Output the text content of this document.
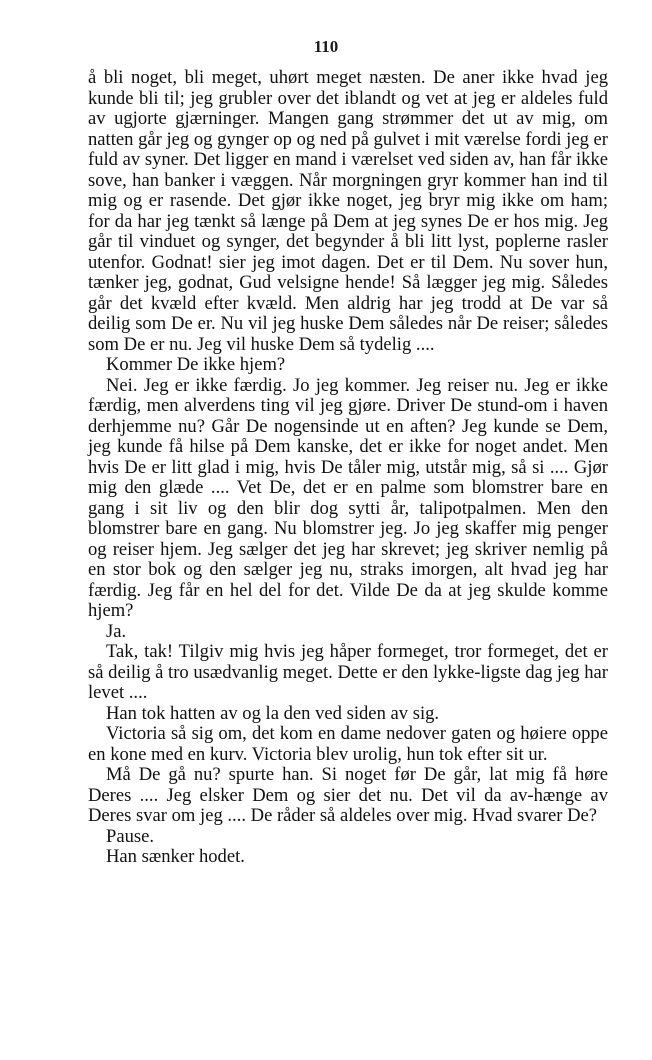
110

å bli noget, bli meget, uhørt meget næsten. De aner ikke hvad jeg kunde bli til; jeg grubler over det iblandt og vet at jeg er aldeles fuld av ugjorte gjærninger. Mangen gang strømmer det ut av mig, om natten går jeg og gynger op og ned på gulvet i mit værelse fordi jeg er fuld av syner. Det ligger en mand i værelset ved siden av, han får ikke sove, han banker i væggen. Når morgningen gryr kommer han ind til mig og er rasende. Det gjør ikke noget, jeg bryr mig ikke om ham; for da har jeg tænkt så længe på Dem at jeg synes De er hos mig. Jeg går til vinduet og synger, det begynder å bli litt lyst, poplerne rasler utenfor. Godnat! sier jeg imot dagen. Det er til Dem. Nu sover hun, tænker jeg, godnat, Gud velsigne hende! Så lægger jeg mig. Således går det kvæld efter kvæld. Men aldrig har jeg trodd at De var så deilig som De er. Nu vil jeg huske Dem således når De reiser; således som De er nu. Jeg vil huske Dem så tydelig ....

Kommer De ikke hjem?

Nei. Jeg er ikke færdig. Jo jeg kommer. Jeg reiser nu. Jeg er ikke færdig, men alverdens ting vil jeg gjøre. Driver De stund-om i haven derhjemme nu? Går De nogensinde ut en aften? Jeg kunde se Dem, jeg kunde få hilse på Dem kanske, det er ikke for noget andet. Men hvis De er litt glad i mig, hvis De tåler mig, utstår mig, så si .... Gjør mig den glæde .... Vet De, det er en palme som blomstrer bare en gang i sit liv og den blir dog sytti år, talipotpalmen. Men den blomstrer bare en gang. Nu blomstrer jeg. Jo jeg skaffer mig penger og reiser hjem. Jeg sælger det jeg har skrevet; jeg skriver nemlig på en stor bok og den sælger jeg nu, straks imorgen, alt hvad jeg har færdig. Jeg får en hel del for det. Vilde De da at jeg skulde komme hjem?

Ja.

Tak, tak! Tilgiv mig hvis jeg håper formeget, tror formeget, det er så deilig å tro usædvanlig meget. Dette er den lykke-ligste dag jeg har levet ....

Han tok hatten av og la den ved siden av sig.

Victoria så sig om, det kom en dame nedover gaten og høiere oppe en kone med en kurv. Victoria blev urolig, hun tok efter sit ur.

Må De gå nu? spurte han. Si noget før De går, lat mig få høre Deres .... Jeg elsker Dem og sier det nu. Det vil da av-hænge av Deres svar om jeg .... De råder så aldeles over mig. Hvad svarer De?

Pause.

Han sænker hodet.
